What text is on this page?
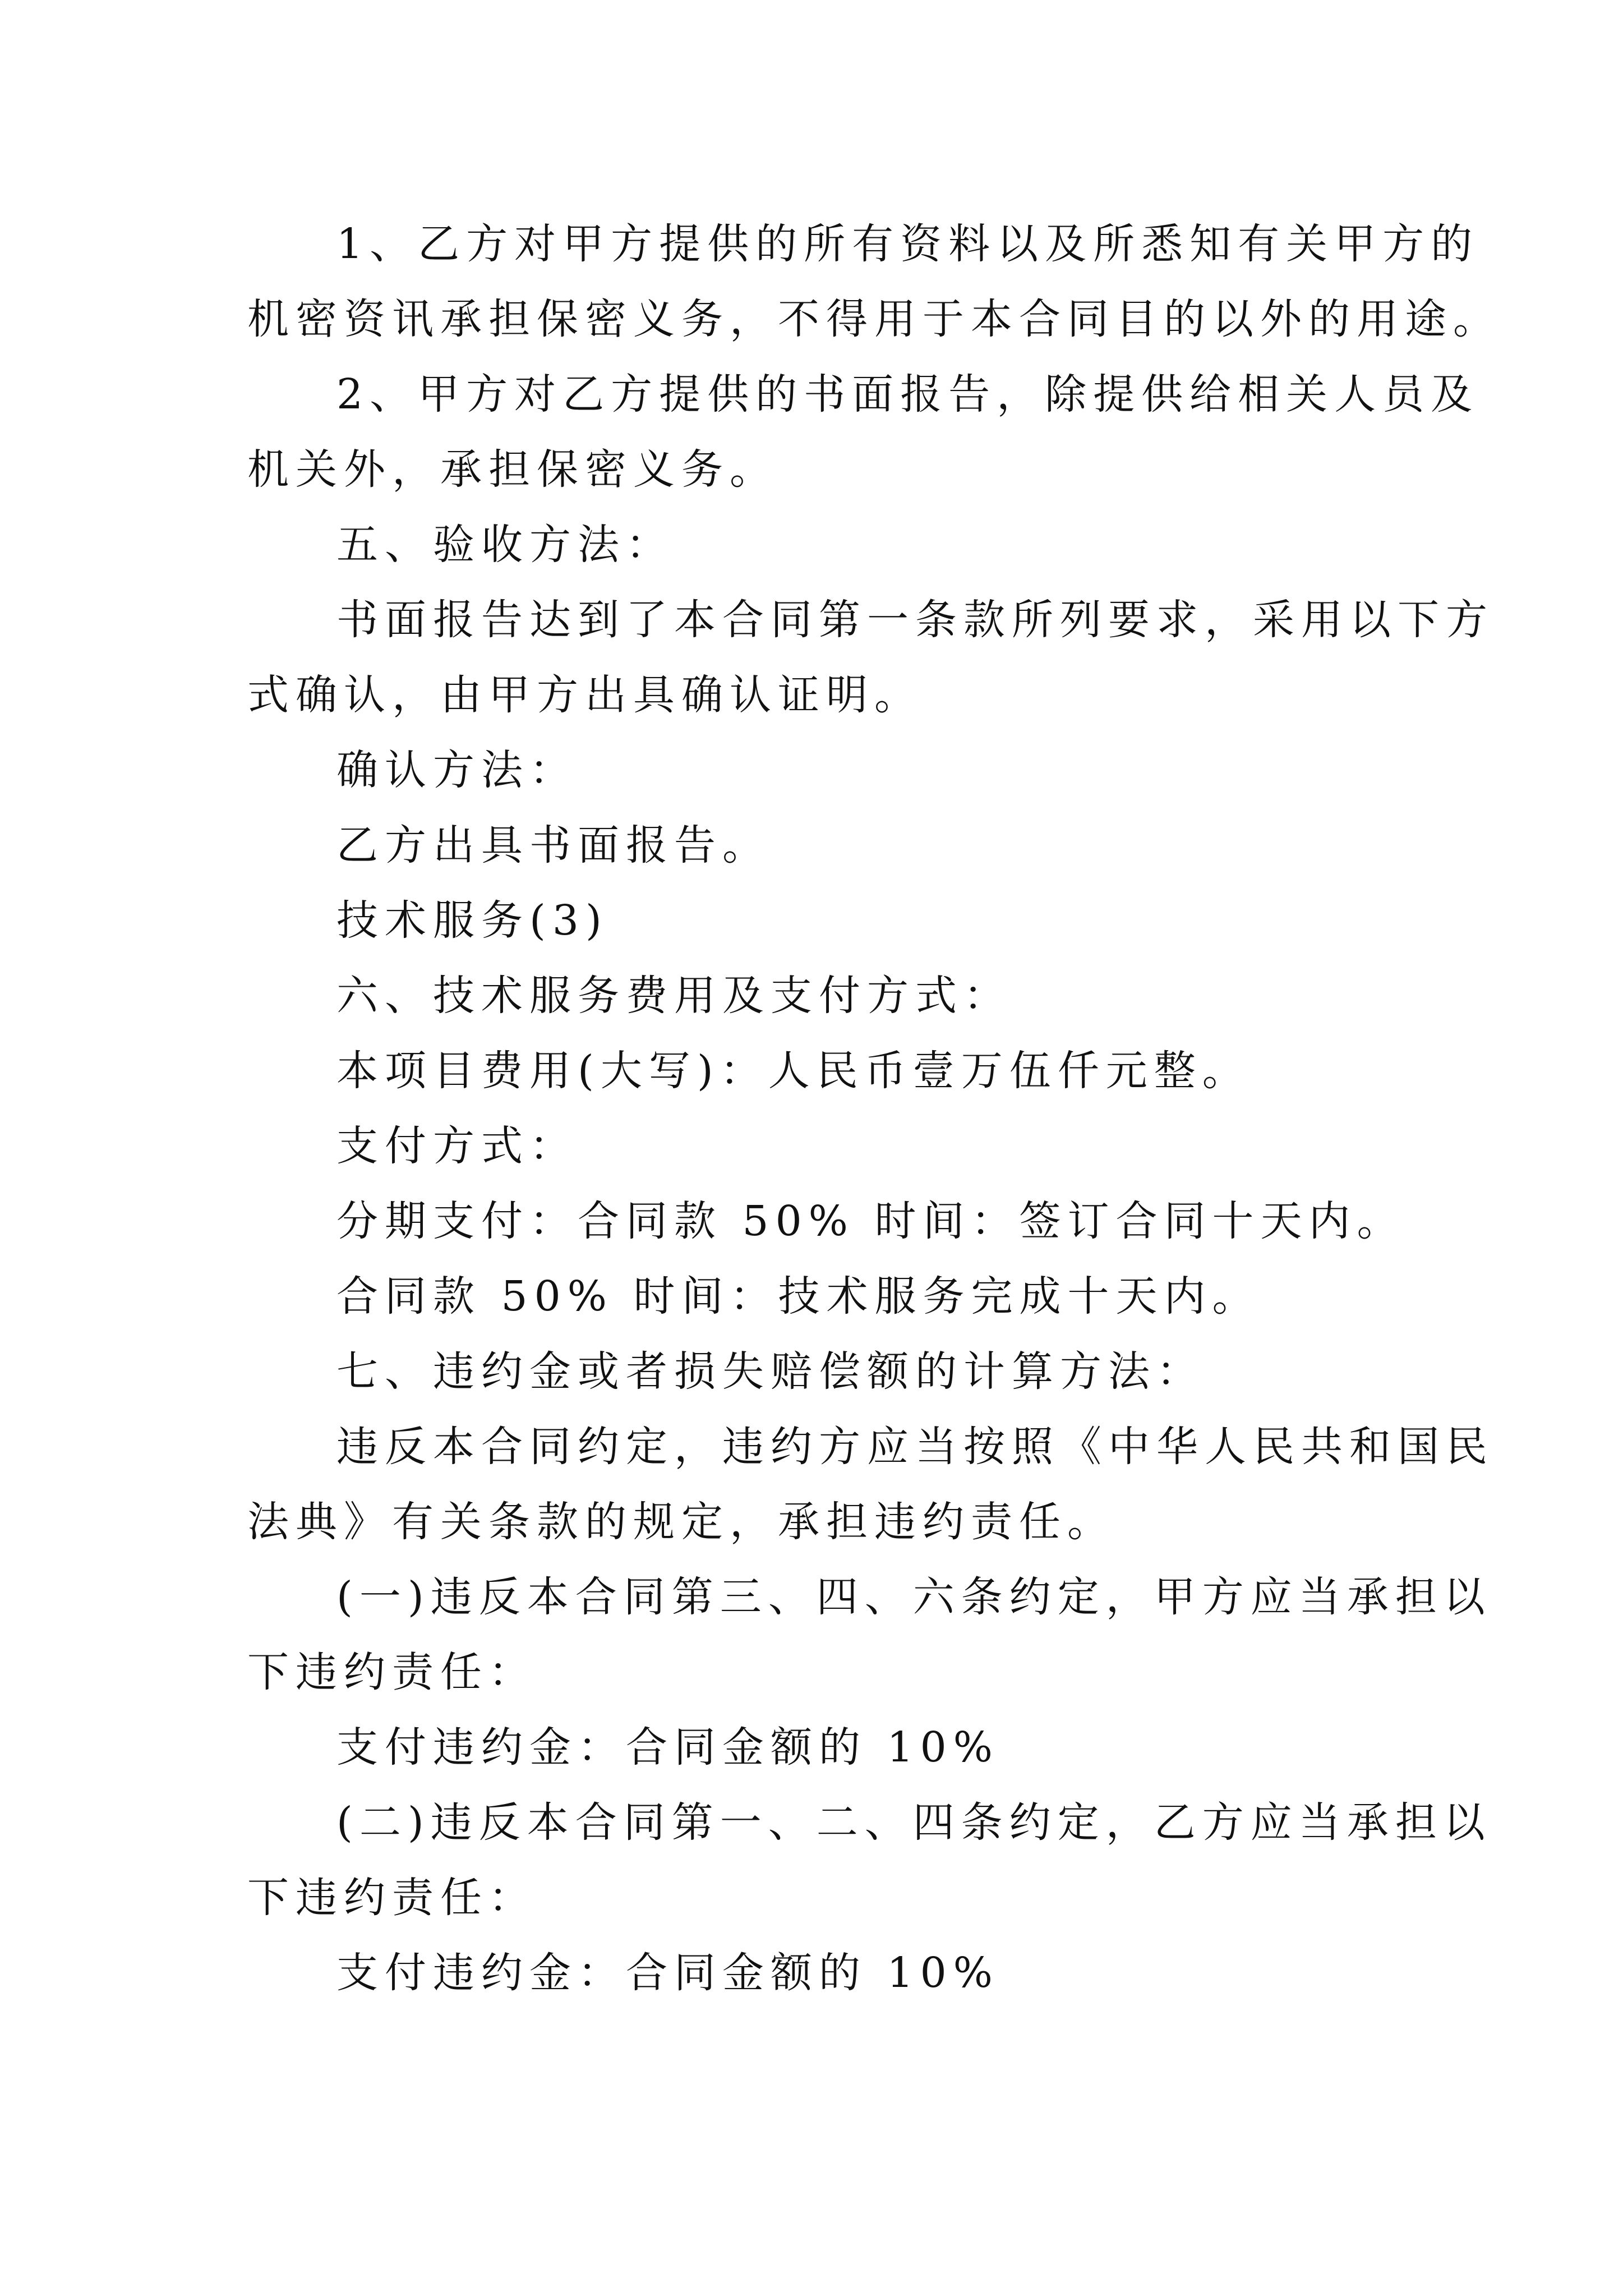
1、乙方对甲方提供的所有资料以及所悉知有关甲方的

机密资讯承担保密义务，不得用于本合同目的以外的用途。

2、甲方对乙方提供的书面报告，除提供给相关人员及

机关外，承担保密义务。

五、验收方法：

书面报告达到了本合同第一条款所列要求，采用以下方

式确认，由甲方出具确认证明。

确认方法：

乙方出具书面报告。

技术服务(3)

六、技术服务费用及支付方式：

本项目费用(大写)：人民币壹万伍仟元整。

支付方式：

分期支付：合同款 50% 时间：签订合同十天内。

合同款 50% 时间：技术服务完成十天内。

七、违约金或者损失赔偿额的计算方法：

违反本合同约定，违约方应当按照《中华人民共和国民

法典》有关条款的规定，承担违约责任。

(一)违反本合同第三、四、六条约定，甲方应当承担以

下违约责任：

支付违约金：合同金额的 10%

(二)违反本合同第一、二、四条约定，乙方应当承担以

下违约责任：

支付违约金：合同金额的 10%
